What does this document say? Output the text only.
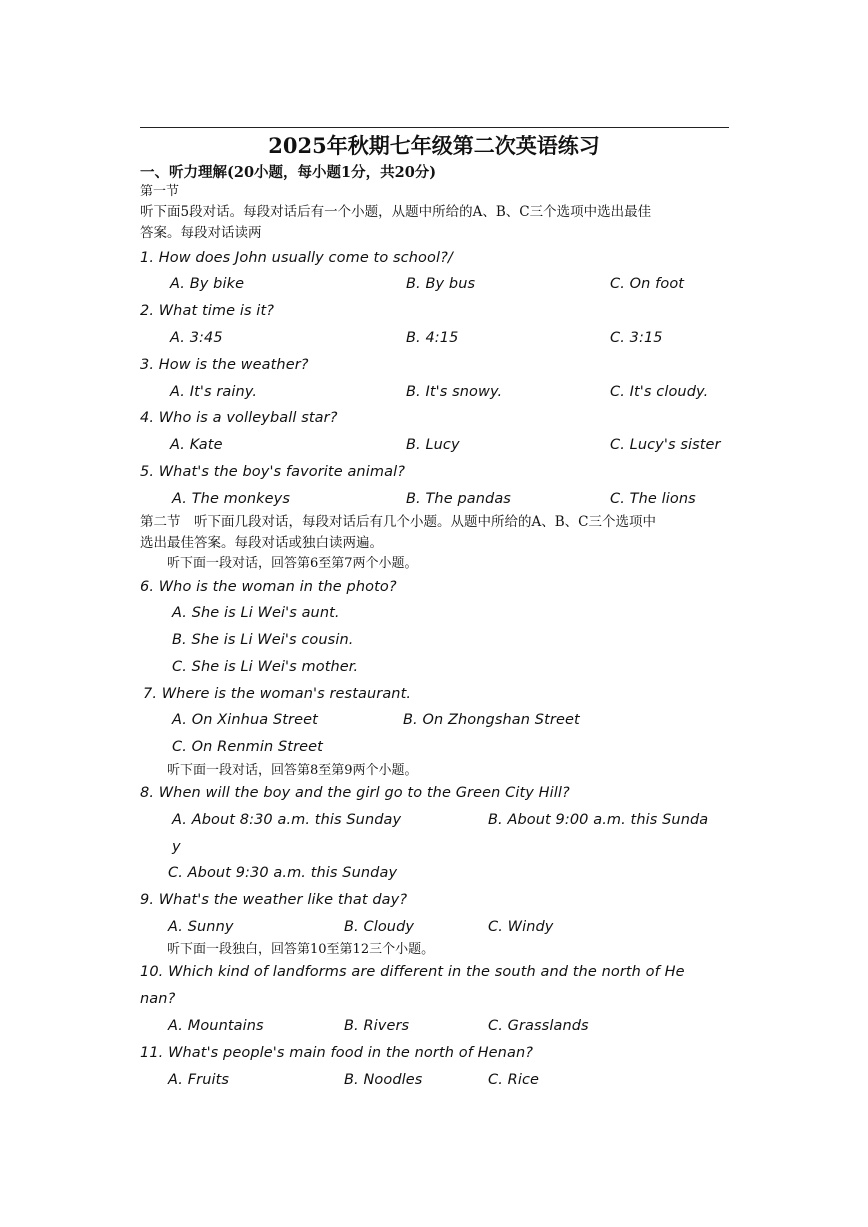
2025年秋期七年级第二次英语练习
一、听力理解(20小题，每小题1分，共20分)
第一节
听下面5段对话。每段对话后有一个小题，从题中所给的A、B、C三个选项中选出最佳
答案。每段对话读两
1. How does John usually come to school?/
A. By bike	B. By bus	C. On foot
2. What time is it?
A. 3:45	B. 4:15	C. 3:15
3. How is the weather?
A. It's rainy.	B. It's snowy.	C. It's cloudy.
4. Who is a volleyball star?
A. Kate	B. Lucy	C. Lucy's sister
5. What's the boy's favorite animal?
A. The monkeys	B. The pandas	C. The lions
第二节　听下面几段对话，每段对话后有几个小题。从题中所给的A、B、C三个选项中
选出最佳答案。每段对话或独白读两遍。
听下面一段对话，回答第6至第7两个小题。
6. Who is the woman in the photo?
A. She is Li Wei's aunt.
B. She is Li Wei's cousin.
C. She is Li Wei's mother.
7. Where is the woman's restaurant.
A. On Xinhua Street	B. On Zhongshan Street
C. On Renmin Street
听下面一段对话，回答第8至第9两个小题。
8. When will the boy and the girl go to the Green City Hill?
A. About 8:30 a.m. this Sunday	B. About 9:00 a.m. this Sunda
y
C. About 9:30 a.m. this Sunday
9. What's the weather like that day?
A. Sunny	B. Cloudy	C. Windy
听下面一段独白，回答第10至第12三个小题。
10. Which kind of landforms are different in the south and the north of He
nan?
A. Mountains	B. Rivers	C. Grasslands
11. What's people's main food in the north of Henan?
A. Fruits	B. Noodles	C. Rice
